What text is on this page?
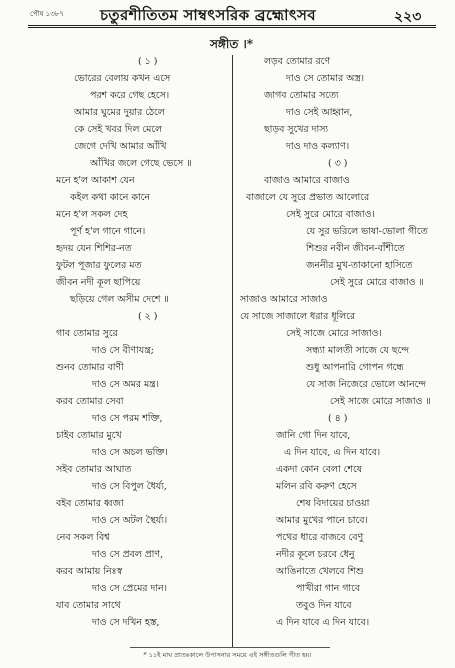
পৌষ ১৩৮৭ চতুরশীতিতম সাম্বৎসরিক ব্রহ্মোৎসব	২২৩
সঙ্গীত ।*
( ১ )
ভোরের বেলায় কখন এসে
পরশ করে গেছ হেসে।
আমার ঘুমের দুয়ার ঠেলে
কে সেই খবর দিল মেলে
জেগে দেখি আমার আঁখি
আঁখির জলে গেছে ভেসে ॥
মনে হ'ল আকাশ যেন
কইল কথা কানে কানে
মনে হ'ল সকল দেহ
পূর্ণ হ'ল গানে গানে।
হৃদয় যেন শিশির-নত
ফুটল পূজার ফুলের মত
জীবন নদী কূল ছাপিয়ে
ছড়িয়ে গেল অসীম দেশে ॥
( ২ )
গাব তোমার সুরে
দাও সে বীণাযন্ত্র;
শুনব তোমার বাণী
দাও সে অমর মন্ত্র।
করব তোমার সেবা
দাও সে পরম শক্তি,
চাইব তোমার মুখে
দাও সে অচল ভক্তি।
সইব তোমার আঘাত
দাও সে বিপুল ধৈর্য্য,
বইব তোমার ধ্বজা
দাও সে অটল স্থৈর্য্য।
নেব সকল বিশ্ব
দাও সে প্রবল প্রাণ,
করব আমায় নিঃস্ব
দাও সে প্রেমের দান।
যাব তোমার সাথে
দাও সে দখিন হস্ত,
লড়ব তোমার রণে
দাও সে তোমার অস্ত্র।
জাগব তোমার সত্যে
দাও সেই আহ্বান,
ছাড়ব সুখের দাস্য
দাও দাও কল্যাণ।
( ৩ )
বাজাও আমারে বাজাও
বাজালে যে সুরে প্রভাত আলোরে
সেই সুরে মোরে বাজাও।
যে সুর ভরিলে ভাষা-ভোলা গীতে
শিশুর নবীন জীবন-বাঁশীতে
জননীর মুখ-তাকানো হাসিতে
সেই সুরে মোরে বাজাও ॥
সাজাও আমারে সাজাও
যে সাজে সাজালে ধরার ধূলিরে
সেই সাজে মোরে সাজাও।
সন্ধ্যা মালতী সাজে যে ছন্দে
শুধু আপনারি গোপন গন্ধে
যে সাজ নিজেরে ভোলে আনন্দে
সেই সাজে মোরে সাজাও ॥
( ৪ )
জানি গো দিন যাবে,
এ দিন যাবে, এ দিন যাবে।
একদা কোন বেলা শেষে
মলিন রবি করুণ হেসে
শেষ বিদায়ের চাওয়া
আমার মুখের পানে চাবে।
পথের ধারে বাজবে বেণু
নদীর কূলে চরবে ধেনু
আঙিনাতে খেলবে শিশু
পাখীরা গান গাবে
তবুও দিন যাবে
এ দিন যাবে এ দিন যাবে।
* ১১ই মাঘ প্রাতঃকালে উপাসনার সময়ে এই সঙ্গীতগুলি গীত হয়।
